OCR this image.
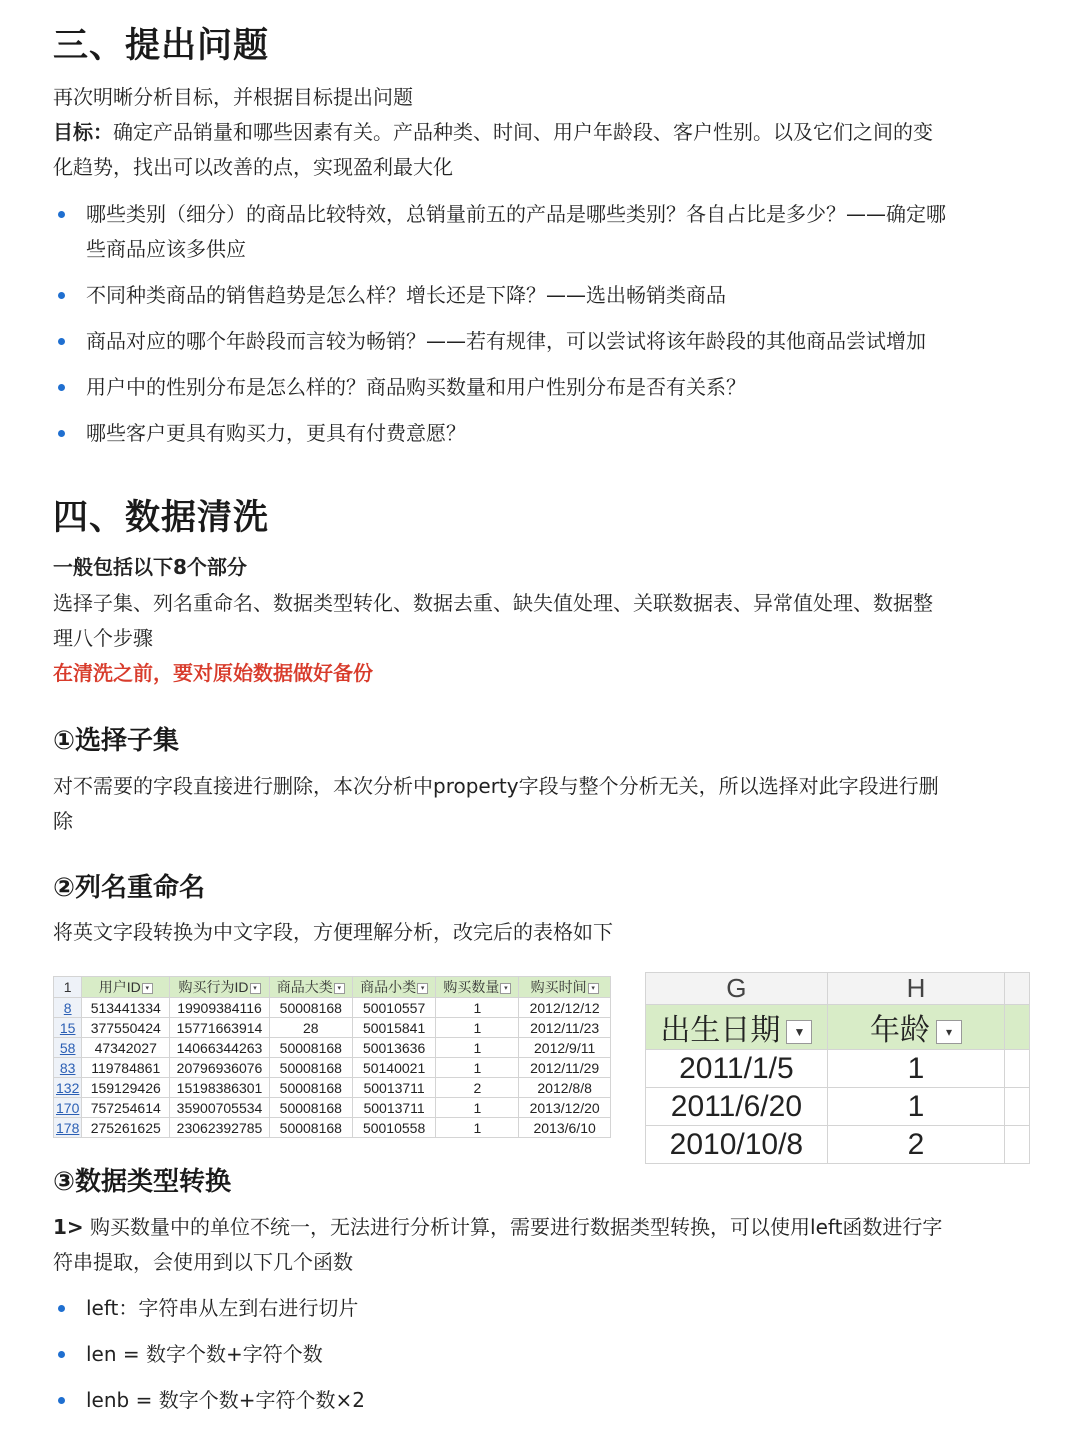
三、提出问题

再次明晰分析目标，并根据目标提出问题

目标：确定产品销量和哪些因素有关。产品种类、时间、用户年龄段、客户性别。以及它们之间的变

化趋势，找出可以改善的点，实现盈利最大化

哪些类别（细分）的商品比较特效，总销量前五的产品是哪些类别？各自占比是多少？——确定哪
些商品应该多供应
不同种类商品的销售趋势是怎么样？增长还是下降？——选出畅销类商品
商品对应的哪个年龄段而言较为畅销？——若有规律，可以尝试将该年龄段的其他商品尝试增加
用户中的性别分布是怎么样的？商品购买数量和用户性别分布是否有关系？
哪些客户更具有购买力，更具有付费意愿？
四、数据清洗

一般包括以下8个部分

选择子集、列名重命名、数据类型转化、数据去重、缺失值处理、关联数据表、异常值处理、数据整

理八个步骤

在清洗之前，要对原始数据做好备份

①选择子集

对不需要的字段直接进行删除，本次分析中property字段与整个分析无关，所以选择对此字段进行删

除

②列名重命名

将英文字段转换为中文字段，方便理解分析，改完后的表格如下

1	用户ID ▾	购买行为ID ▾	商品大类 ▾	商品小类 ▾	购买数量 ▾	购买时间 ▾
8	513441334	19909384116	50008168	50010557	1	2012/12/12
15	377550424	15771663914	28	50015841	1	2012/11/23
58	47342027	14066344263	50008168	50013636	1	2012/9/11
83	119784861	20796936076	50008168	50140021	1	2012/11/29
132	159129426	15198386301	50008168	50013711	2	2012/8/8
170	757254614	35900705534	50008168	50013711	1	2013/12/20
178	275261625	23062392785	50008168	50010558	1	2013/6/10
G	H	
出生日期 ▼	年龄 ▾	
2011/1/5	1	
2011/6/20	1	
2010/10/8	2	
③数据类型转换

1> 购买数量中的单位不统一，无法进行分析计算，需要进行数据类型转换，可以使用left函数进行字

符串提取，会使用到以下几个函数

left：字符串从左到右进行切片
len = 数字个数+字符个数
lenb = 数字个数+字符个数×2
